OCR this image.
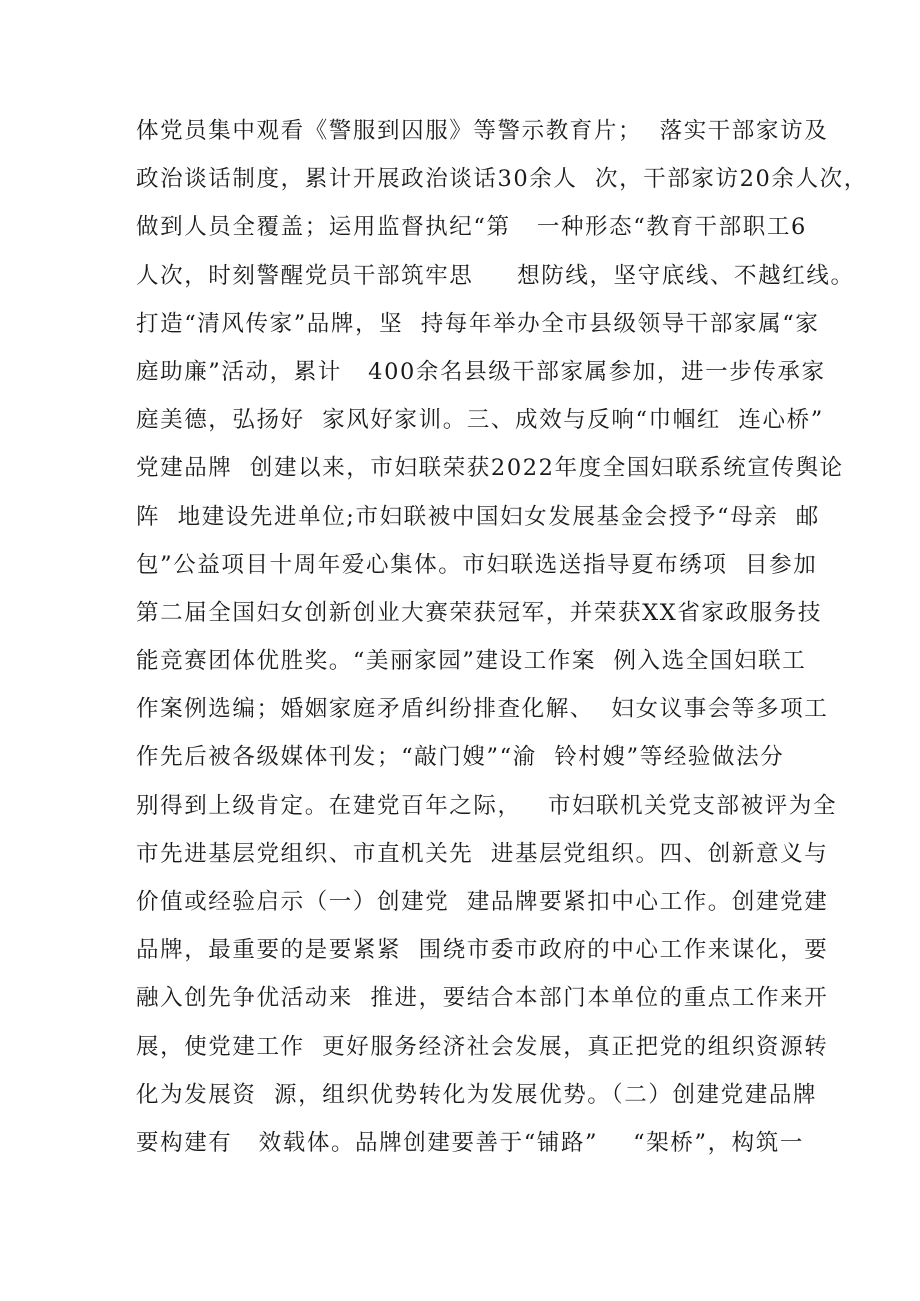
体党员集中观看《警服到囚服》等警示教育片；  落实干部家访及
政治谈话制度，累计开展政治谈话30余人  次，干部家访20余人次，
做到人员全覆盖；运用监督执纪“第   一种形态“教育干部职工6
人次，时刻警醒党员干部筑牢思     想防线，坚守底线、不越红线。
打造“清风传家”品牌，坚  持每年举办全市县级领导干部家属“家
庭助廉”活动，累计   400余名县级干部家属参加，进一步传承家
庭美德，弘扬好  家风好家训。三、成效与反响“巾帼红  连心桥”
党建品牌  创建以来，市妇联荣获2022年度全国妇联系统宣传舆论
阵  地建设先进单位;市妇联被中国妇女发展基金会授予“母亲  邮
包”公益项目十周年爱心集体。市妇联选送指导夏布绣项  目参加
第二届全国妇女创新创业大赛荣获冠军，并荣获XX省家政服务技
能竞赛团体优胜奖。“美丽家园”建设工作案  例入选全国妇联工
作案例选编；婚姻家庭矛盾纠纷排查化解、  妇女议事会等多项工
作先后被各级媒体刊发；“敲门嫂”“渝  铃村嫂”等经验做法分
别得到上级肯定。在建党百年之际，   市妇联机关党支部被评为全
市先进基层党组织、市直机关先  进基层党组织。四、创新意义与
价值或经验启示（一）创建党  建品牌要紧扣中心工作。创建党建
品牌，最重要的是要紧紧  围绕市委市政府的中心工作来谋化，要
融入创先争优活动来  推进，要结合本部门本单位的重点工作来开
展，使党建工作  更好服务经济社会发展，真正把党的组织资源转
化为发展资  源，组织优势转化为发展优势。（二）创建党建品牌
要构建有   效载体。品牌创建要善于“铺路”    “架桥”，构筑一
